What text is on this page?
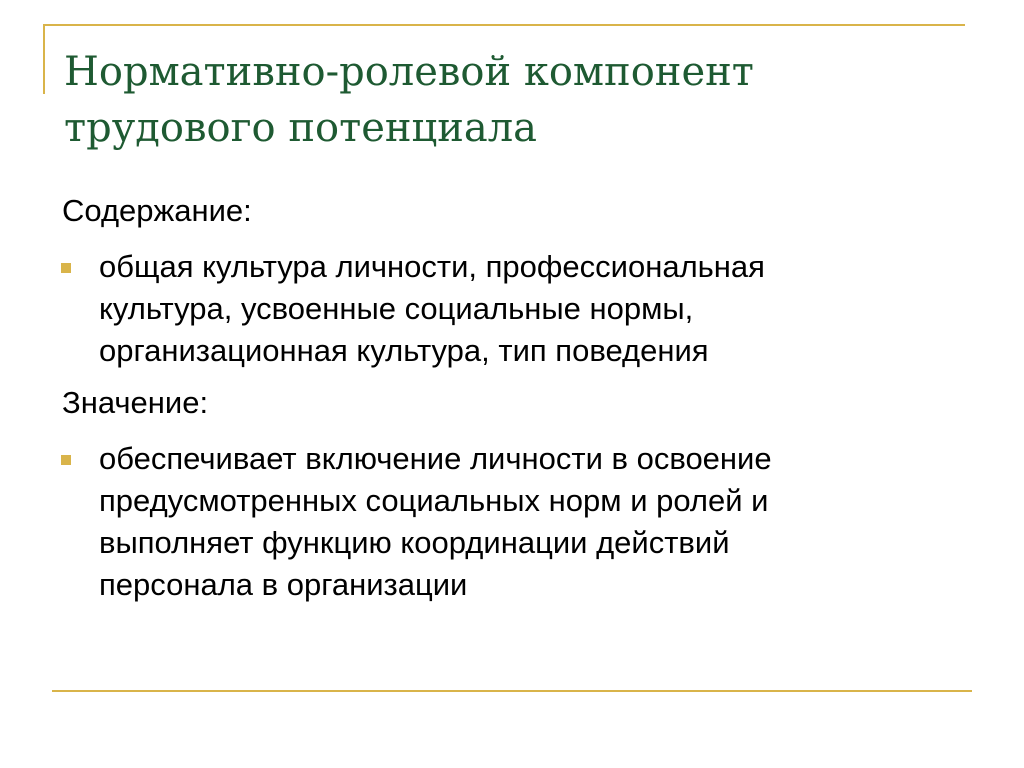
Нормативно-ролевой компонент
трудового потенциала

Содержание:

общая культура личности, профессиональная
культура, усвоенные социальные нормы,
организационная культура, тип поведения

Значение:

обеспечивает включение личности в освоение
предусмотренных социальных норм и ролей и
выполняет функцию координации действий
персонала в организации
